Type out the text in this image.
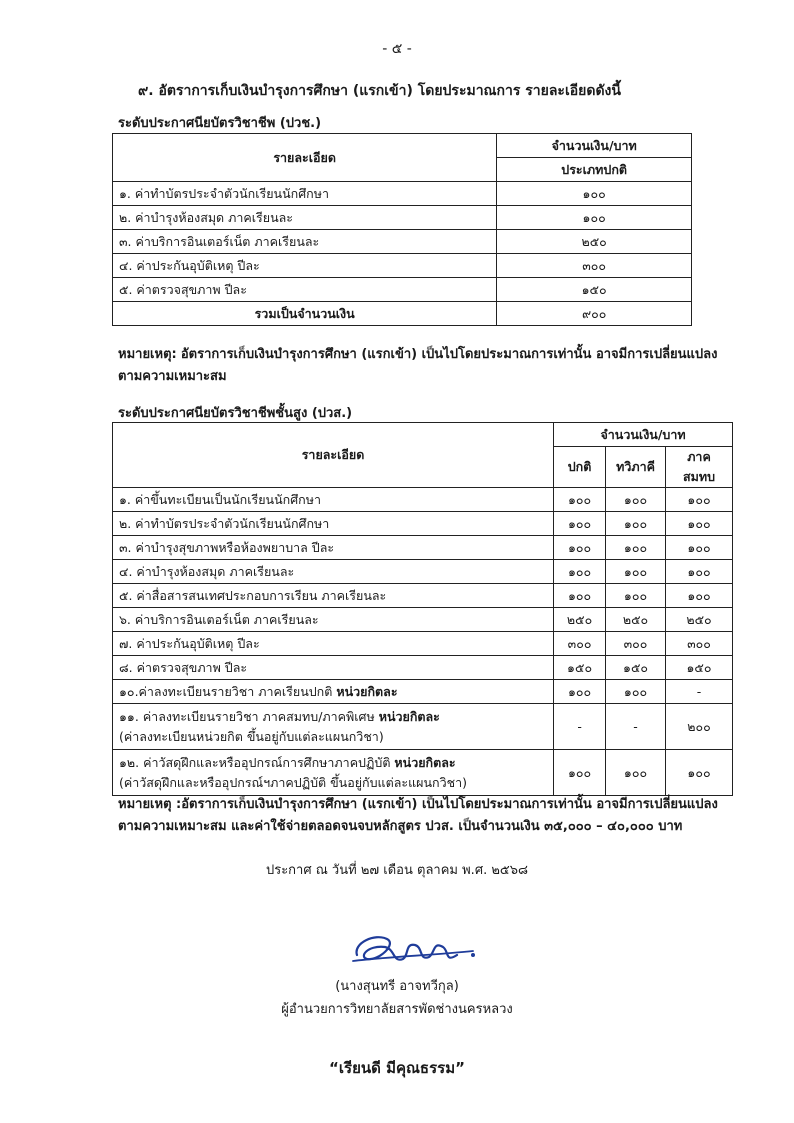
- ๕ -
๙. อัตราการเก็บเงินบำรุงการศึกษา (แรกเข้า) โดยประมาณการ รายละเอียดดังนี้
ระดับประกาศนียบัตรวิชาชีพ (ปวช.)
รายละเอียด	จำนวนเงิน/บาท
	ประเภทปกติ
๑. ค่าทำบัตรประจำตัวนักเรียนนักศึกษา	๑๐๐
๒. ค่าบำรุงห้องสมุด ภาคเรียนละ	๑๐๐
๓. ค่าบริการอินเตอร์เน็ต ภาคเรียนละ	๒๕๐
๔. ค่าประกันอุบัติเหตุ ปีละ	๓๐๐
๕. ค่าตรวจสุขภาพ ปีละ	๑๕๐
รวมเป็นจำนวนเงิน	๙๐๐
หมายเหตุ: อัตราการเก็บเงินบำรุงการศึกษา (แรกเข้า) เป็นไปโดยประมาณการเท่านั้น อาจมีการเปลี่ยนแปลง
ตามความเหมาะสม
ระดับประกาศนียบัตรวิชาชีพชั้นสูง (ปวส.)
รายละเอียด	จำนวนเงิน/บาท		
	ปกติ	ทวิภาคี	ภาคสมทบ
๑. ค่าขึ้นทะเบียนเป็นนักเรียนนักศึกษา	๑๐๐	๑๐๐	๑๐๐
๒. ค่าทำบัตรประจำตัวนักเรียนนักศึกษา	๑๐๐	๑๐๐	๑๐๐
๓. ค่าบำรุงสุขภาพหรือห้องพยาบาล ปีละ	๑๐๐	๑๐๐	๑๐๐
๔. ค่าบำรุงห้องสมุด ภาคเรียนละ	๑๐๐	๑๐๐	๑๐๐
๕. ค่าสื่อสารสนเทศประกอบการเรียน ภาคเรียนละ	๑๐๐	๑๐๐	๑๐๐
๖. ค่าบริการอินเตอร์เน็ต ภาคเรียนละ	๒๕๐	๒๕๐	๒๕๐
๗. ค่าประกันอุบัติเหตุ ปีละ	๓๐๐	๓๐๐	๓๐๐
๘. ค่าตรวจสุขภาพ ปีละ	๑๕๐	๑๕๐	๑๕๐
๑๐.ค่าลงทะเบียนรายวิชา ภาคเรียนปกติ หน่วยกิตละ	๑๐๐	๑๐๐	-
๑๑. ค่าลงทะเบียนรายวิชา ภาคสมทบ/ภาคพิเศษ หน่วยกิตละ
(ค่าลงทะเบียนหน่วยกิต ขึ้นอยู่กับแต่ละแผนกวิชา)	-	-	๒๐๐
๑๒. ค่าวัสดุฝึกและหรืออุปกรณ์การศึกษาภาคปฏิบัติ หน่วยกิตละ
(ค่าวัสดุฝึกและหรืออุปกรณ์ฯภาคปฏิบัติ ขึ้นอยู่กับแต่ละแผนกวิชา)	๑๐๐	๑๐๐	๑๐๐
หมายเหตุ :อัตราการเก็บเงินบำรุงการศึกษา (แรกเข้า) เป็นไปโดยประมาณการเท่านั้น อาจมีการเปลี่ยนแปลง
ตามความเหมาะสม และค่าใช้จ่ายตลอดจนจบหลักสูตร ปวส. เป็นจำนวนเงิน ๓๕,๐๐๐ – ๔๐,๐๐๐ บาท
ประกาศ ณ วันที่ ๒๗ เดือน ตุลาคม พ.ศ. ๒๕๖๘
(นางสุนทรี อาจทวีกุล)
ผู้อำนวยการวิทยาลัยสารพัดช่างนครหลวง
“เรียนดี มีคุณธรรม”
